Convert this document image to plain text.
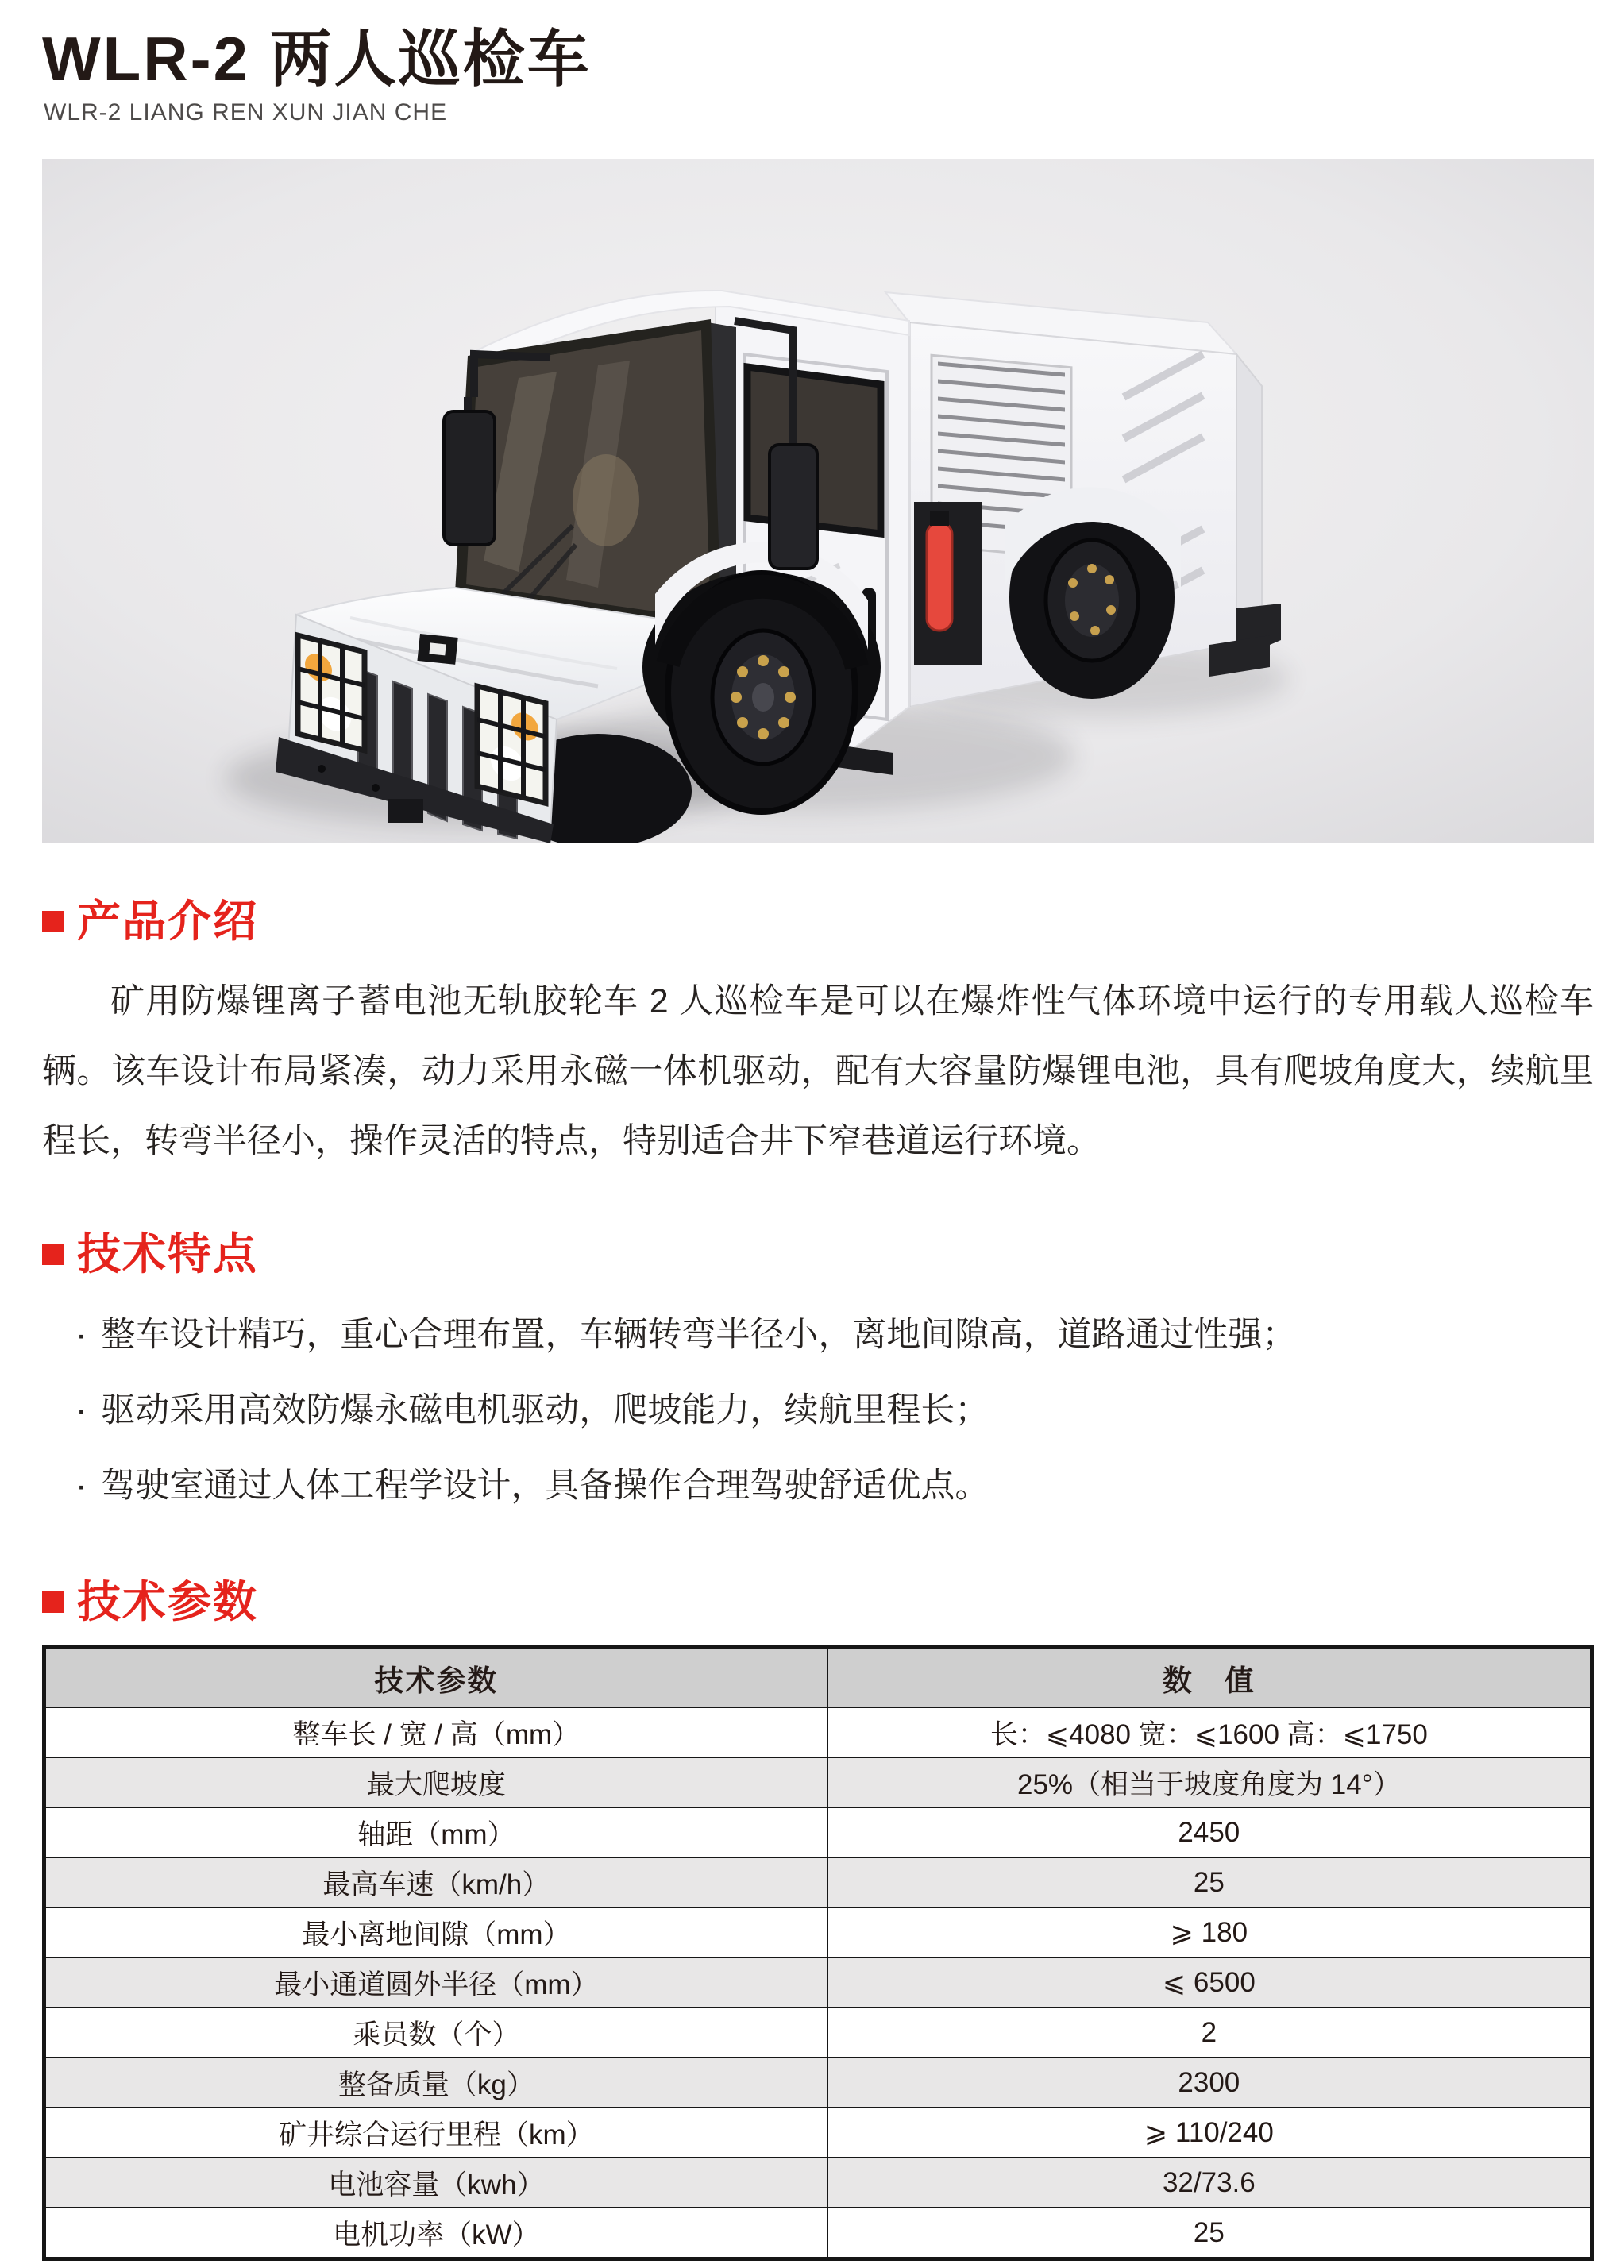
WLR-2 两人巡检车
WLR-2 LIANG REN XUN JIAN CHE
产品介绍

矿用防爆锂离子蓄电池无轨胶轮车 2 人巡检车是可以在爆炸性气体环境中运行的专用载人巡检车辆。该车设计布局紧凑，动力采用永磁一体机驱动，配有大容量防爆锂电池，具有爬坡角度大，续航里程长，转弯半径小，操作灵活的特点，特别适合井下窄巷道运行环境。

技术特点
· 整车设计精巧，重心合理布置，车辆转弯半径小，离地间隙高，道路通过性强；
· 驱动采用高效防爆永磁电机驱动，爬坡能力，续航里程长；
· 驾驶室通过人体工程学设计，具备操作合理驾驶舒适优点。
技术参数
技术参数	数　值
整车长 / 宽 / 高（mm）	长：⩽4080 宽：⩽1600 高：⩽1750
最大爬坡度	25%（相当于坡度角度为 14°）
轴距（mm）	2450
最高车速（km/h）	25
最小离地间隙（mm）	⩾ 180
最小通道圆外半径（mm）	⩽ 6500
乘员数（个）	2
整备质量（kg）	2300
矿井综合运行里程（km）	⩾ 110/240
电池容量（kwh）	32/73.6
电机功率（kW）	25
